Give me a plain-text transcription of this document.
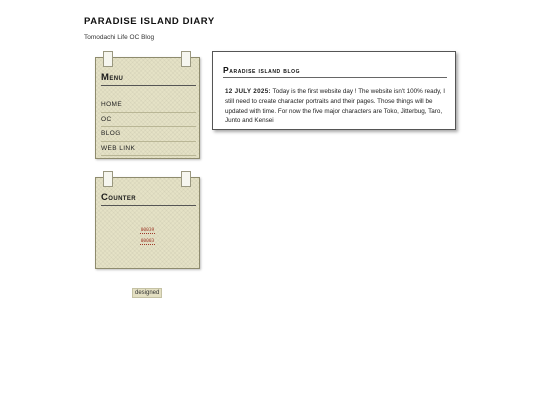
PARADISE ISLAND DIARY
Tomodachi Life OC Blog
Menu
HOME
OC
BLOG
WEB LINK
Counter
00039
00003
designed
Paradise island blog
12 JULY 2025: Today is the first website day ! The website isn't 100% ready, I still need to create character portraits and their pages. Those things will be updated with time. For now the five major characters are Toko, Jitterbug, Taro, Junto and Kensei
